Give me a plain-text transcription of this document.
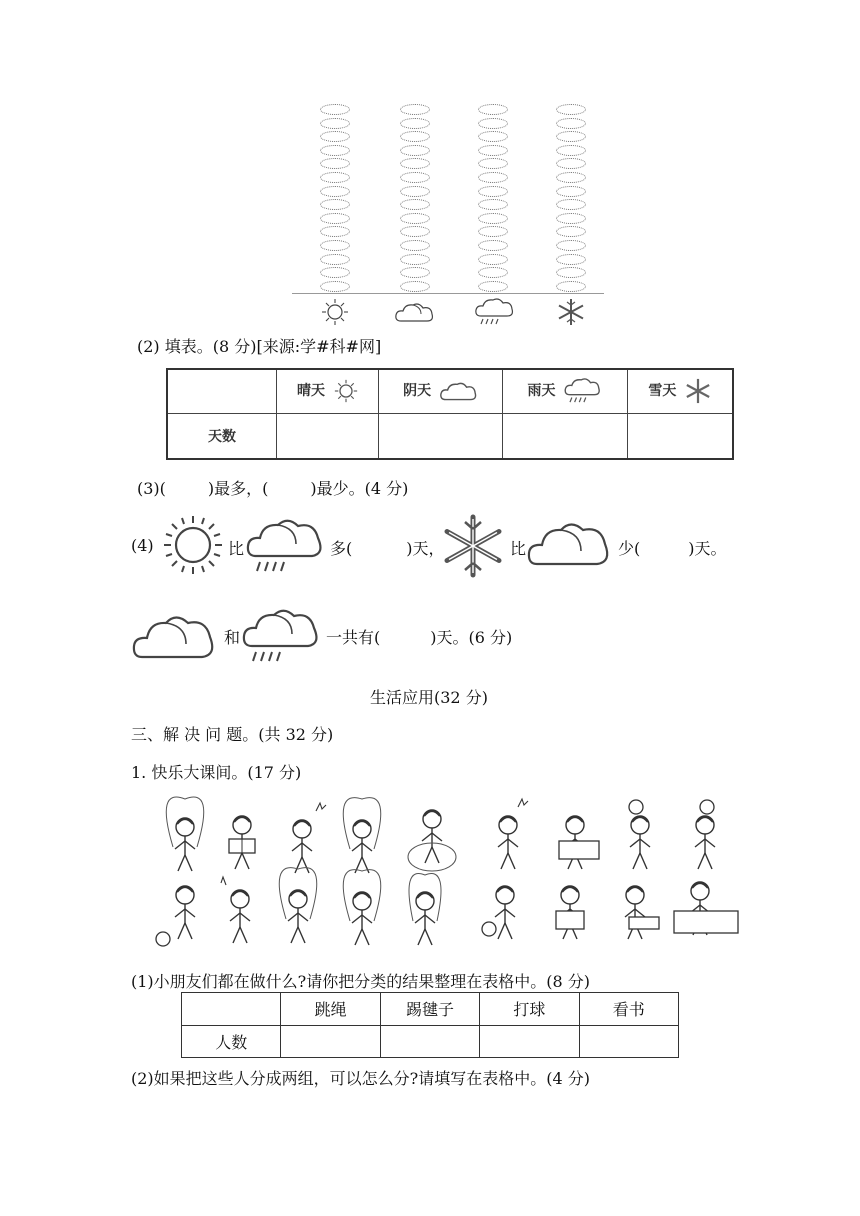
(2) 填表。(8 分)[来源:学#科#网]
	晴天	阴天	雨天	雪天
天数				
(3)(	)最多，(	)最少。(4 分)
(4)	比	多(	)天，	比	少(	)天。
和	一共有(	)天。(6 分)
生活应用(32 分)
三、解 决 问 题。(共 32 分)
1. 快乐大课间。(17 分)
(1)小朋友们都在做什么?请你把分类的结果整理在表格中。(8 分)
	跳绳	踢毽子	打球	看书
人数				
(2)如果把这些人分成两组，可以怎么分?请填写在表格中。(4 分)
